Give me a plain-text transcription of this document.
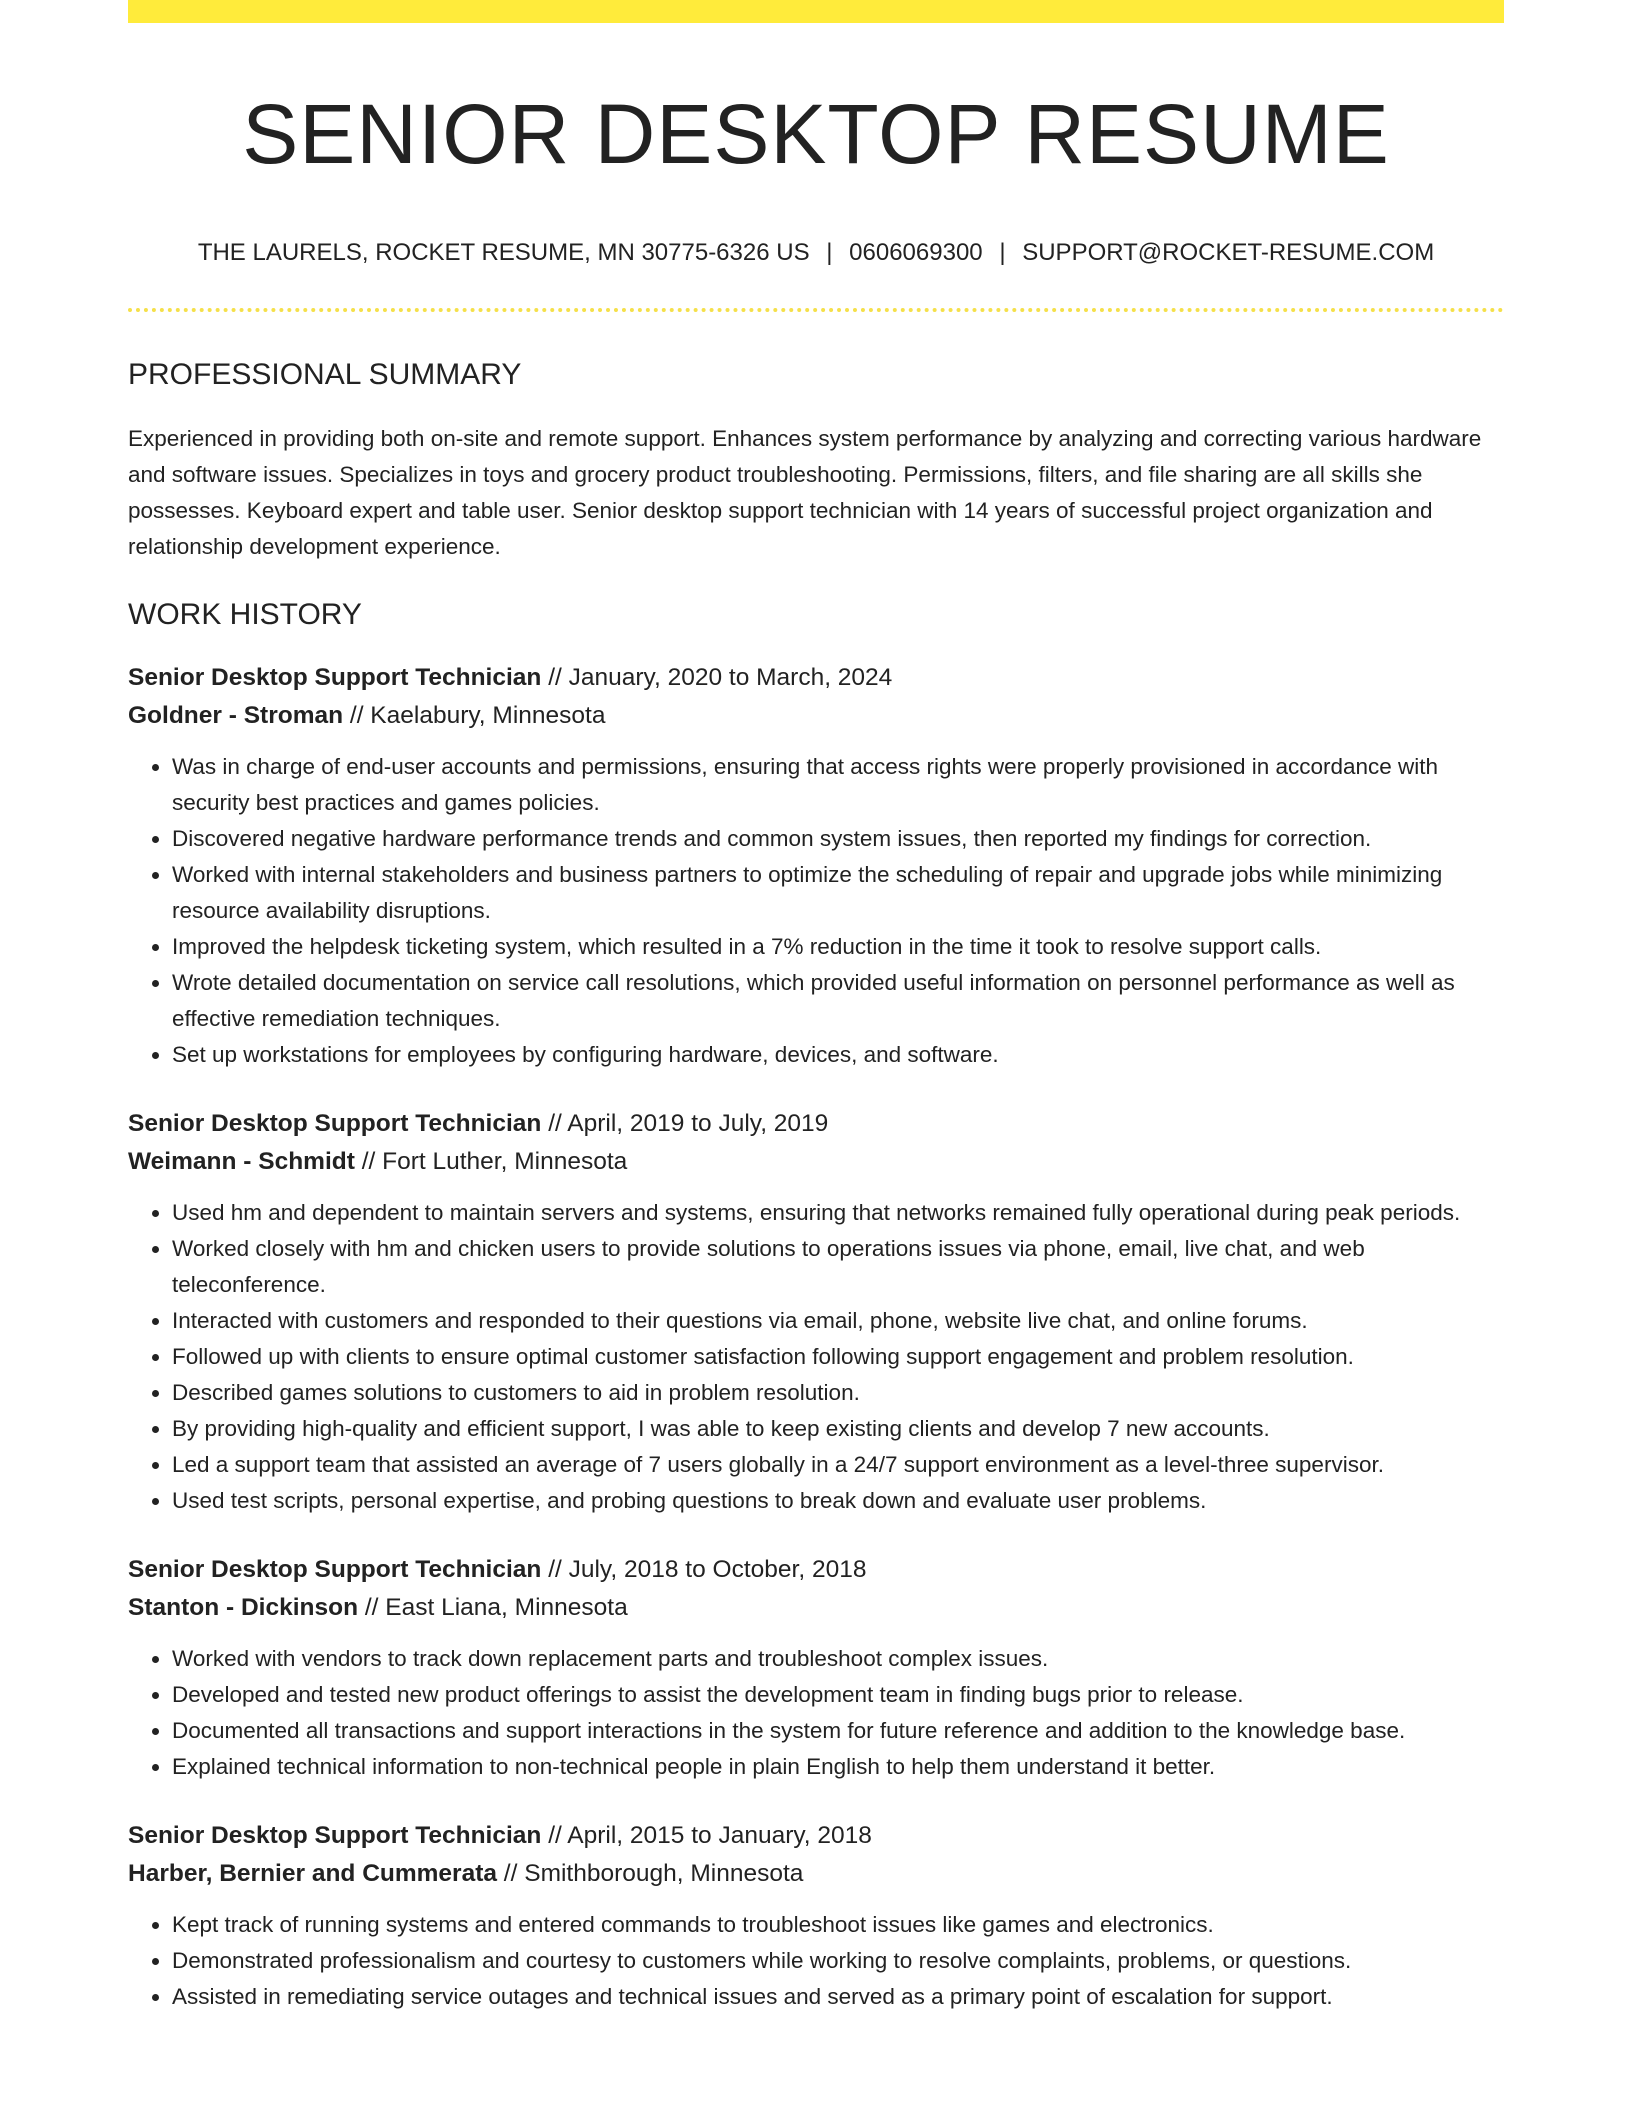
SENIOR DESKTOP RESUME
THE LAURELS, ROCKET RESUME, MN 30775-6326 US | 0606069300 | SUPPORT@ROCKET-RESUME.COM
PROFESSIONAL SUMMARY

Experienced in providing both on-site and remote support. Enhances system performance by analyzing and correcting various hardware and software issues. Specializes in toys and grocery product troubleshooting. Permissions, filters, and file sharing are all skills she possesses. Keyboard expert and table user. Senior desktop support technician with 14 years of successful project organization and relationship development experience.

WORK HISTORY
Senior Desktop Support Technician // January, 2020 to March, 2024
Goldner - Stroman // Kaelabury, Minnesota
• Was in charge of end-user accounts and permissions, ensuring that access rights were properly provisioned in accordance with security best practices and games policies.
• Discovered negative hardware performance trends and common system issues, then reported my findings for correction.
• Worked with internal stakeholders and business partners to optimize the scheduling of repair and upgrade jobs while minimizing resource availability disruptions.
• Improved the helpdesk ticketing system, which resulted in a 7% reduction in the time it took to resolve support calls.
• Wrote detailed documentation on service call resolutions, which provided useful information on personnel performance as well as effective remediation techniques.
• Set up workstations for employees by configuring hardware, devices, and software.
Senior Desktop Support Technician // April, 2019 to July, 2019
Weimann - Schmidt // Fort Luther, Minnesota
• Used hm and dependent to maintain servers and systems, ensuring that networks remained fully operational during peak periods.
• Worked closely with hm and chicken users to provide solutions to operations issues via phone, email, live chat, and web teleconference.
• Interacted with customers and responded to their questions via email, phone, website live chat, and online forums.
• Followed up with clients to ensure optimal customer satisfaction following support engagement and problem resolution.
• Described games solutions to customers to aid in problem resolution.
• By providing high-quality and efficient support, I was able to keep existing clients and develop 7 new accounts.
• Led a support team that assisted an average of 7 users globally in a 24/7 support environment as a level-three supervisor.
• Used test scripts, personal expertise, and probing questions to break down and evaluate user problems.
Senior Desktop Support Technician // July, 2018 to October, 2018
Stanton - Dickinson // East Liana, Minnesota
• Worked with vendors to track down replacement parts and troubleshoot complex issues.
• Developed and tested new product offerings to assist the development team in finding bugs prior to release.
• Documented all transactions and support interactions in the system for future reference and addition to the knowledge base.
• Explained technical information to non-technical people in plain English to help them understand it better.
Senior Desktop Support Technician // April, 2015 to January, 2018
Harber, Bernier and Cummerata // Smithborough, Minnesota
• Kept track of running systems and entered commands to troubleshoot issues like games and electronics.
• Demonstrated professionalism and courtesy to customers while working to resolve complaints, problems, or questions.
• Assisted in remediating service outages and technical issues and served as a primary point of escalation for support.
